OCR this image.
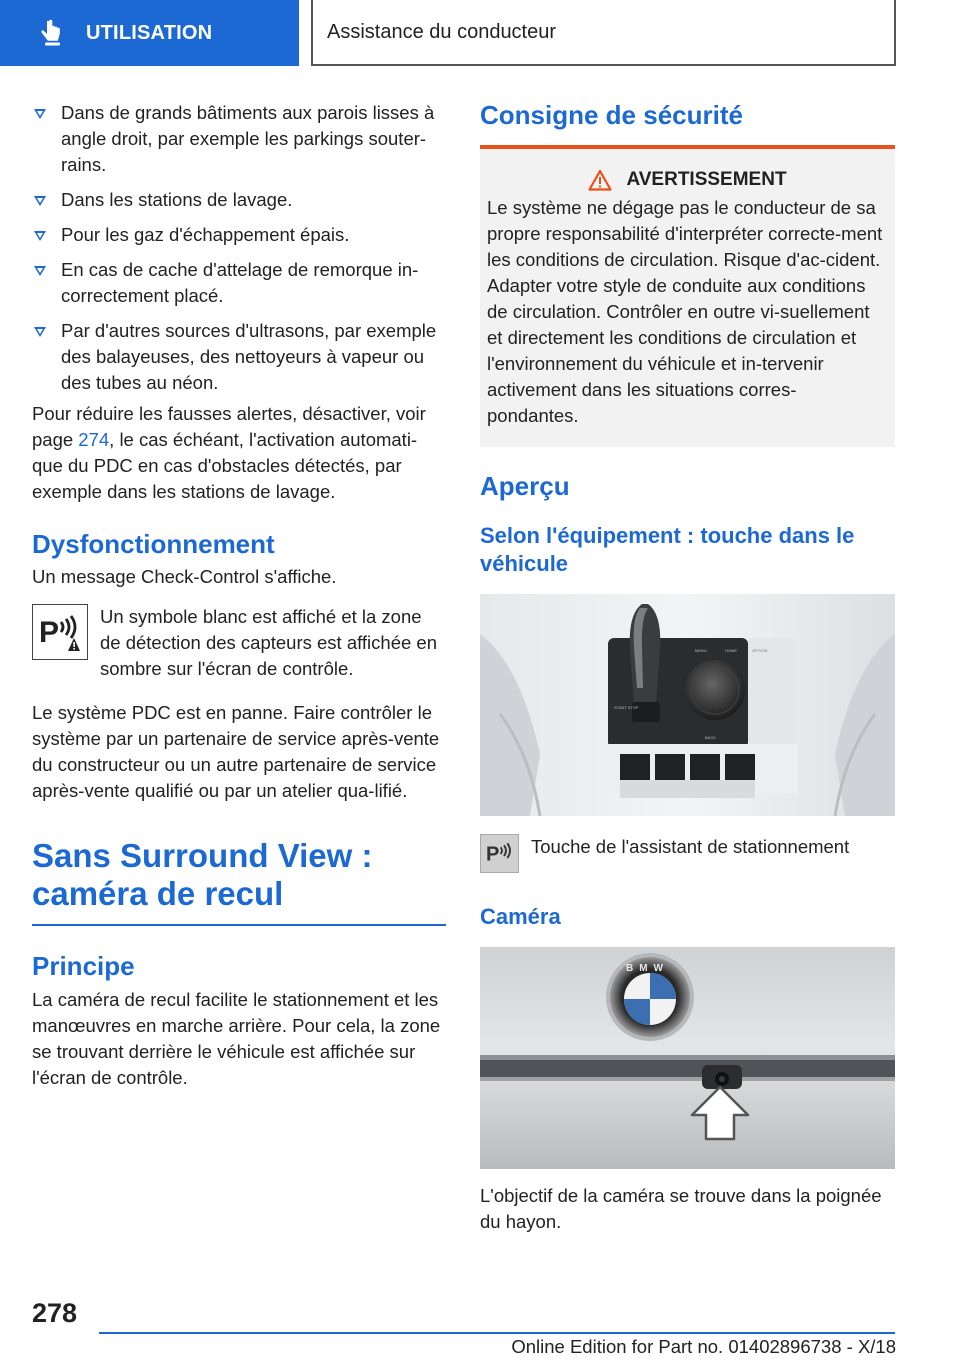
UTILISATION	Assistance du conducteur
Dans de grands bâtiments aux parois lisses à angle droit, par exemple les parkings souter-rains.
Dans les stations de lavage.
Pour les gaz d'échappement épais.
En cas de cache d'attelage de remorque in-correctement placé.
Par d'autres sources d'ultrasons, par exemple des balayeuses, des nettoyeurs à vapeur ou des tubes au néon.

Pour réduire les fausses alertes, désactiver, voir page 274, le cas échéant, l'activation automati-que du PDC en cas d'obstacles détectés, par exemple dans les stations de lavage.

Dysfonctionnement

Un message Check-Control s'affiche.

P Un symbole blanc est affiché et la zone de détection des capteurs est affichée en sombre sur l'écran de contrôle.

Le système PDC est en panne. Faire contrôler le système par un partenaire de service après-vente du constructeur ou un autre partenaire de service après-vente qualifié ou par un atelier qua-lifié.

Sans Surround View : caméra de recul
Principe

La caméra de recul facilite le stationnement et les manœuvres en marche arrière. Pour cela, la zone se trouvant derrière le véhicule est affichée sur l'écran de contrôle.

Consigne de sécurité
AVERTISSEMENT

Le système ne dégage pas le conducteur de sa propre responsabilité d'interpréter correcte-ment les conditions de circulation. Risque d'ac-cident. Adapter votre style de conduite aux conditions de circulation. Contrôler en outre vi-suellement et directement les conditions de circulation et l'environnement du véhicule et in-tervenir activement dans les situations corres-pondantes.

Aperçu
Selon l'équipement : touche dans le véhicule
START STOP
MENU	HOME	OPTION
BACK
P Touche de l'assistant de stationnement

Caméra
BMW

L'objectif de la caméra se trouve dans la poignée du hayon.

278
Online Edition for Part no. 01402896738 - X/18
